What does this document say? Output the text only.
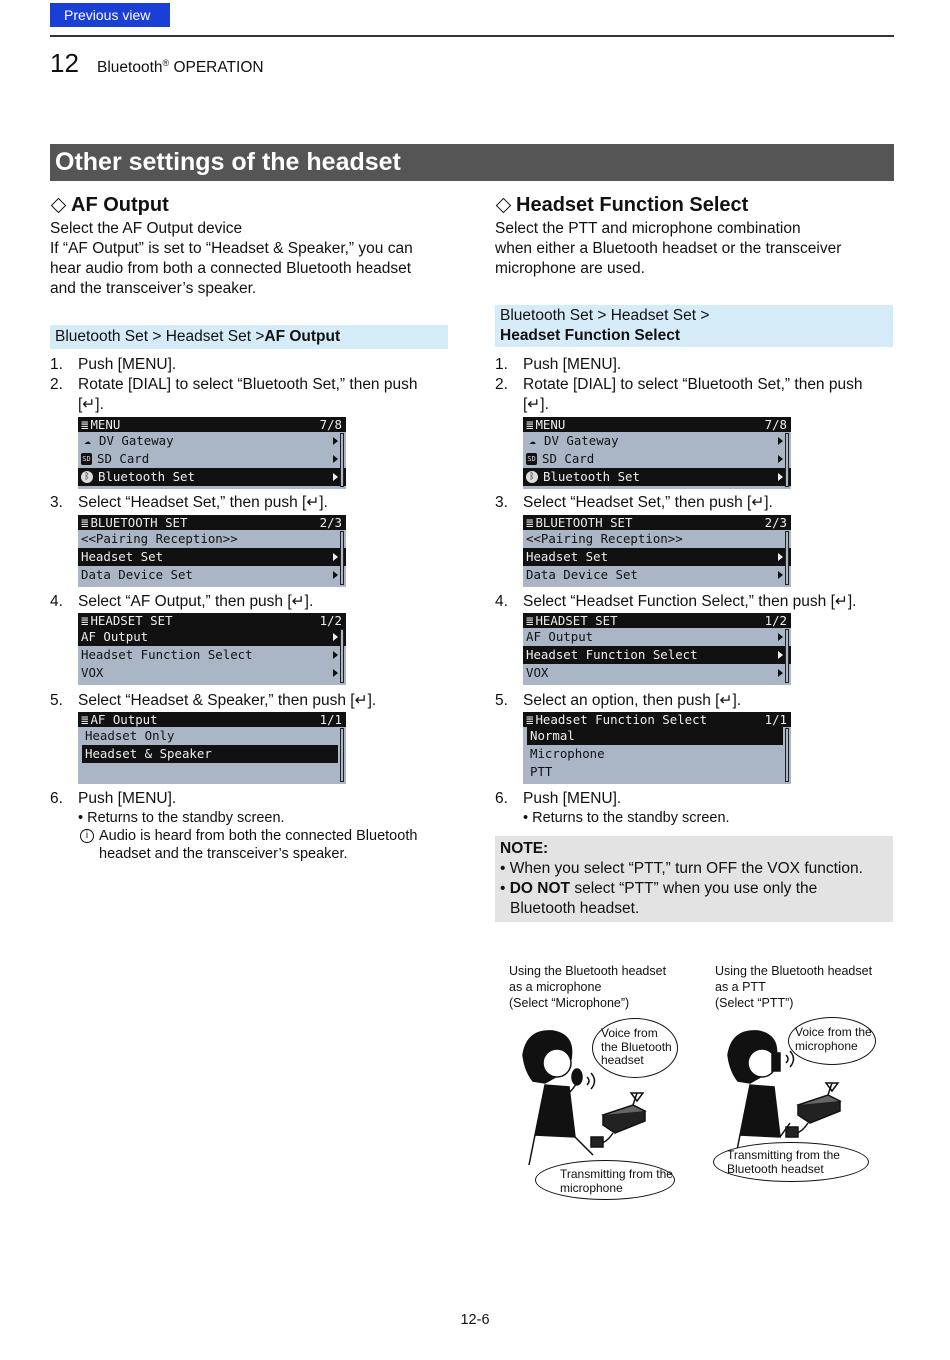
Previous view
12 Bluetooth® OPERATION
Other settings of the headset
AF Output
Select the AF Output device
If “AF Output” is set to “Headset & Speaker,” you can
hear audio from both a connected Bluetooth headset
and the transceiver’s speaker.
Bluetooth Set > Headset Set > AF Output
1. Push [MENU].
2. Rotate [DIAL] to select “Bluetooth Set,” then push
[↵].
≣ MENU	7/8
☁ DV Gateway
SD SD Card
ᛒ Bluetooth Set
3. Select “Headset Set,” then push [↵].
≣ BLUETOOTH SET	2/3
<<Pairing Reception>>
Headset Set
Data Device Set
4. Select “AF Output,” then push [↵].
≣ HEADSET SET	1/2
AF Output
Headset Function Select
VOX
5. Select “Headset & Speaker,” then push [↵].
≣ AF Output	1/1
Headset Only
Headset & Speaker
6. Push [MENU].
• Returns to the standby screen.
i Audio is heard from both the connected Bluetooth
headset and the transceiver’s speaker.
Headset Function Select
Select the PTT and microphone combination
when either a Bluetooth headset or the transceiver
microphone are used.
Bluetooth Set > Headset Set >
Headset Function Select
1. Push [MENU].
2. Rotate [DIAL] to select “Bluetooth Set,” then push
[↵].
≣ MENU	7/8
☁ DV Gateway
SD SD Card
ᛒ Bluetooth Set
3. Select “Headset Set,” then push [↵].
≣ BLUETOOTH SET	2/3
<<Pairing Reception>>
Headset Set
Data Device Set
4. Select “Headset Function Select,” then push [↵].
≣ HEADSET SET	1/2
AF Output
Headset Function Select
VOX
5. Select an option, then push [↵].
≣ Headset Function Select	1/1
Normal
Microphone
PTT
6. Push [MENU].
• Returns to the standby screen.
NOTE:
• When you select “PTT,” turn OFF the VOX function.
• DO NOT select “PTT” when you use only the
Bluetooth headset.
Using the Bluetooth headset
as a microphone
(Select “Microphone”)
Using the Bluetooth headset
as a PTT
(Select “PTT”)
Voice from
the Bluetooth
headset
Voice from the
microphone
Transmitting from the
microphone
Transmitting from the
Bluetooth headset
12-6
